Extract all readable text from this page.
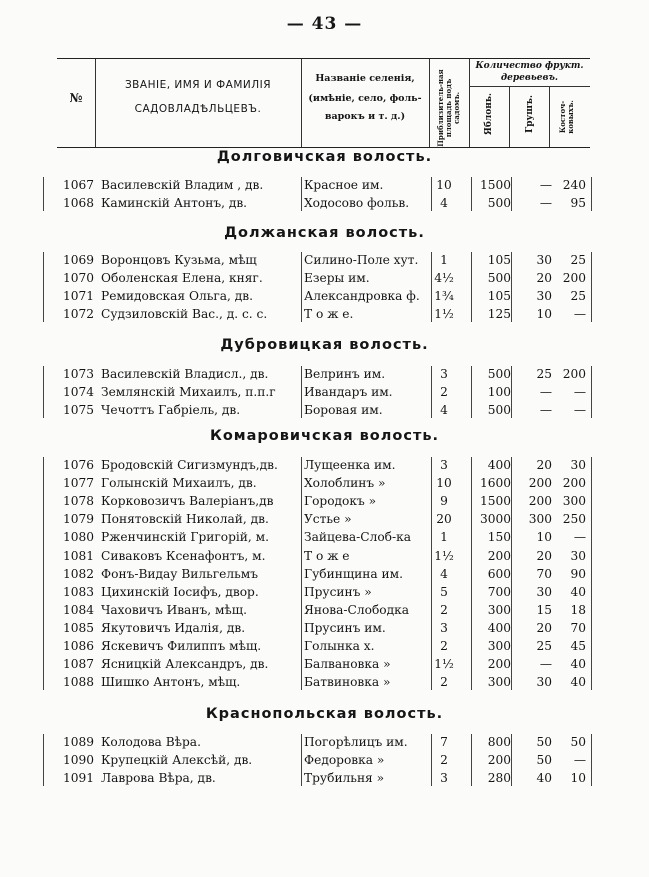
— 43 —
№
ЗВАНІЕ, ИМЯ И ФАМИЛІЯ
САДОВЛАДѢЛЬЦЕВЪ.
Названіе селенія,
(имѣніе, село, фоль-
варокъ и т. д.)	Приблизитель-ная площадь подъ садомъ.
Количество фрукт.
деревьевъ.
Яблонь.	Грушъ.	Косточ-ковыхъ.
Долговичская волость.
1067 Василевскій Владим , дв.	Красное им.	10	1500	— 240
1068 Каминскій Антонъ, дв.	Ходосово фольв.	4	500	—	95
Должанская волость.
1069 Воронцовъ Кузьма, мѣщ	Силино-Поле хут.	1	105	30	25
1070 Оболенская Елена, княг.	Езеры им.	4½	500	20 200
1071 Ремидовская Ольга, дв.	Александровка ф.	1¾	105	30	25
1072 Судзиловскій Вас., д. с. с.	Т о ж е.	1½	125	10	—
Дубровицкая волость.
1073 Василевскій Владисл., дв.	Велринъ им.	3	500	25 200
1074 Землянскій Михаилъ, п.п.г	Ивандаръ им.	2	100	—	—
1075 Чечоттъ Габріель, дв.	Боровая им.	4	500	—	—
Комаровичская волость.
1076 Бродовскій Сигизмундъ,дв.	Лущеенка им.	3	400	20	30
1077 Голынскій Михаилъ, дв.	Холоблинъ »	10	1600	200 200
1078 Корковозичъ Валеріанъ,дв	Городокъ »	9	1500	200 300
1079 Понятовскій Николай, дв.	Устье »	20	3000	300 250
1080 Рженчинскій Григорій, м.	Зайцева-Слоб-ка	1	150	10	—
1081 Сиваковъ Ксенафонтъ, м.	Т о ж е	1½	200	20	30
1082 Фонъ-Видау Вильгельмъ	Губинщина им.	4	600	70	90
1083 Цихинскій Іосифъ, двор.	Прусинъ »	5	700	30	40
1084 Чаховичъ Иванъ, мѣщ.	Янова-Слободка	2	300	15	18
1085 Якутовичъ Идалія, дв.	Прусинъ им.	3	400	20	70
1086 Яскевичъ Филиппъ мѣщ.	Голынка х.	2	300	25	45
1087 Ясницкій Александръ, дв.	Балвановка »	1½	200	—	40
1088 Шишко Антонъ, мѣщ.	Батвиновка »	2	300	30	40
Краснопольская волость.
1089 Колодова Вѣра.	Погорѣлицъ им.	7	800	50	50
1090 Крупецкій Алексѣй, дв.	Федоровка »	2	200	50	—
1091 Лаврова Вѣра, дв.	Трубильня »	3	280	40	10
